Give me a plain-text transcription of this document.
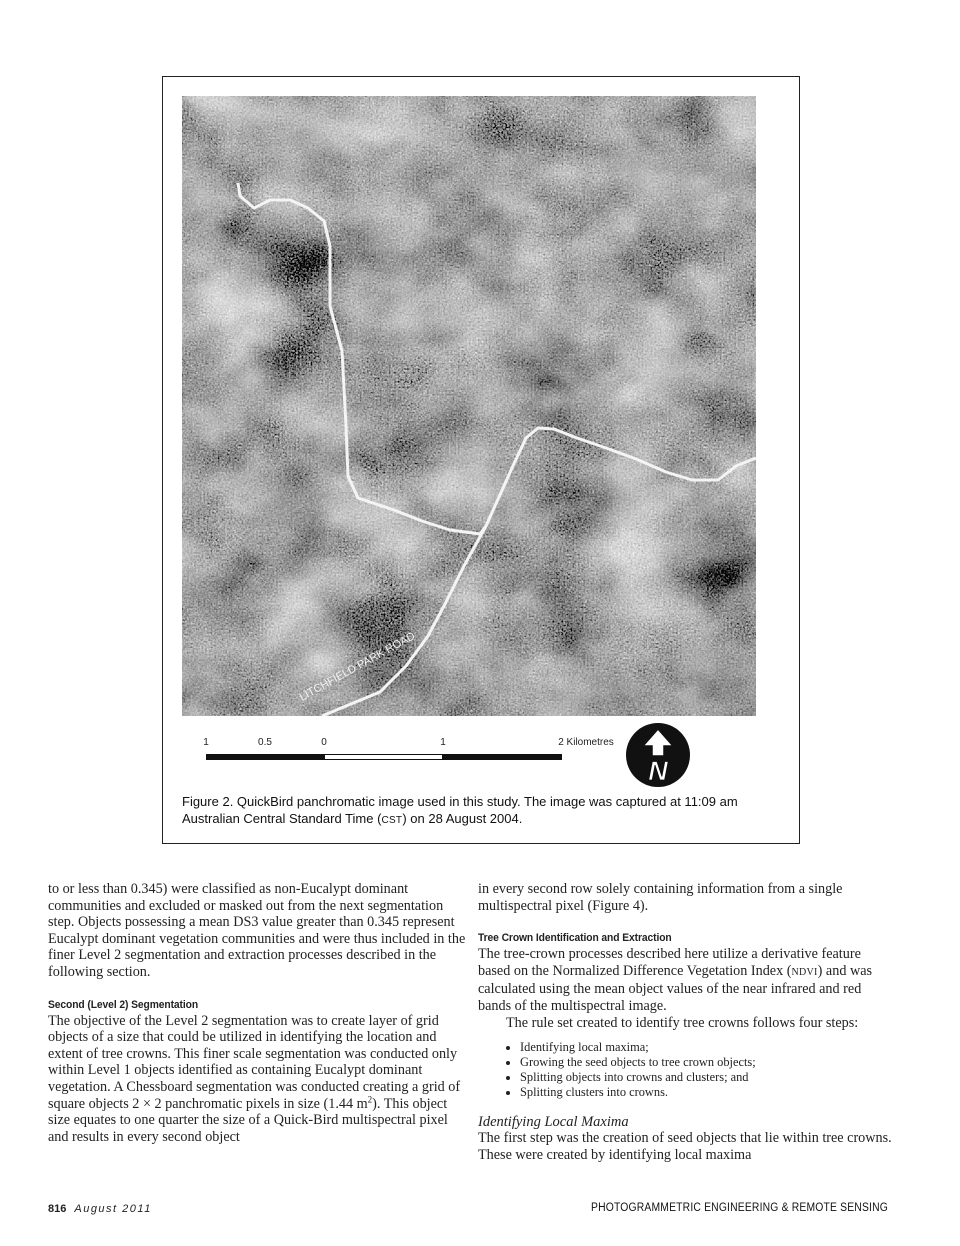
LITCHFIELD PARK ROAD
1	0.5	0	1	2 Kilometres
N
Figure 2. QuickBird panchromatic image used in this study. The image was captured at 11:09 am Australian Central Standard Time (CST) on 28 August 2004.

to or less than 0.345) were classified as non-Eucalypt dominant communities and excluded or masked out from the next segmentation step. Objects possessing a mean DS3 value greater than 0.345 represent Eucalypt dominant vegetation communities and were thus included in the finer Level 2 segmentation and extraction processes described in the following section.

Second (Level 2) Segmentation

The objective of the Level 2 segmentation was to create layer of grid objects of a size that could be utilized in identifying the location and extent of tree crowns. This finer scale segmentation was conducted only within Level 1 objects identified as containing Eucalypt dominant vegetation. A Chessboard segmentation was conducted creating a grid of square objects 2 × 2 panchromatic pixels in size (1.44 $m^2$). This object size equates to one quarter the size of a Quick-Bird multispectral pixel and results in every second object

in every second row solely containing information from a single multispectral pixel (Figure 4).

Tree Crown Identification and Extraction

The tree-crown processes described here utilize a derivative feature based on the Normalized Difference Vegetation Index (NDVI) and was calculated using the mean object values of the near infrared and red bands of the multispectral image.

The rule set created to identify tree crowns follows four steps:

• Identifying local maxima;
• Growing the seed objects to tree crown objects;
• Splitting objects into crowns and clusters; and
• Splitting clusters into crowns.
Identifying Local Maxima

The first step was the creation of seed objects that lie within tree crowns. These were created by identifying local maxima

816 August 2011	PHOTOGRAMMETRIC ENGINEERING & REMOTE SENSING
